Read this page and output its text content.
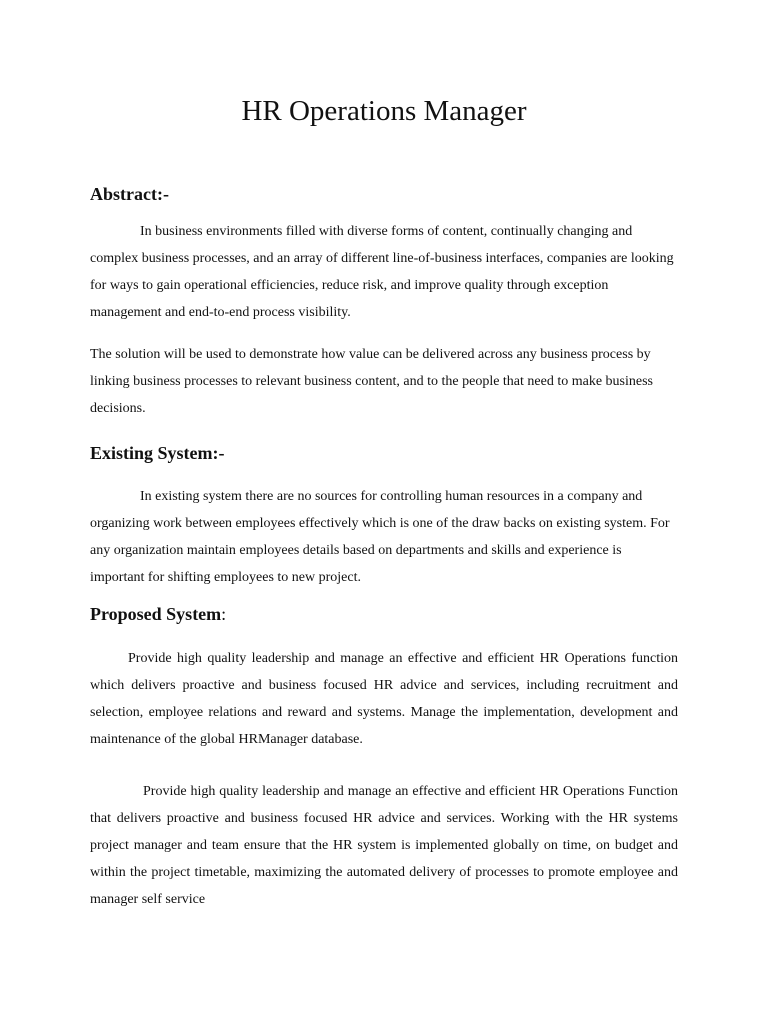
HR Operations Manager
Abstract:-

In business environments filled with diverse forms of content, continually changing and complex business processes, and an array of different line-of-business interfaces, companies are looking for ways to gain operational efficiencies, reduce risk, and improve quality through exception management and end-to-end process visibility.

The solution will be used to demonstrate how value can be delivered across any business process by linking business processes to relevant business content, and to the people that need to make business decisions.

Existing System:-

In existing system there are no sources for controlling human resources in a company and organizing work between employees effectively which is one of the draw backs on existing system. For any organization maintain employees details based on departments and skills and experience is important for shifting employees to new project.

Proposed System:

Provide high quality leadership and manage an effective and efficient HR Operations function which delivers proactive and business focused HR advice and services, including recruitment and selection, employee relations and reward and systems. Manage the implementation, development and maintenance of the global HRManager database.

Provide high quality leadership and manage an effective and efficient HR Operations Function that delivers proactive and business focused HR advice and services. Working with the HR systems project manager and team ensure that the HR system is implemented globally on time, on budget and within the project timetable, maximizing the automated delivery of processes to promote employee and manager self service
